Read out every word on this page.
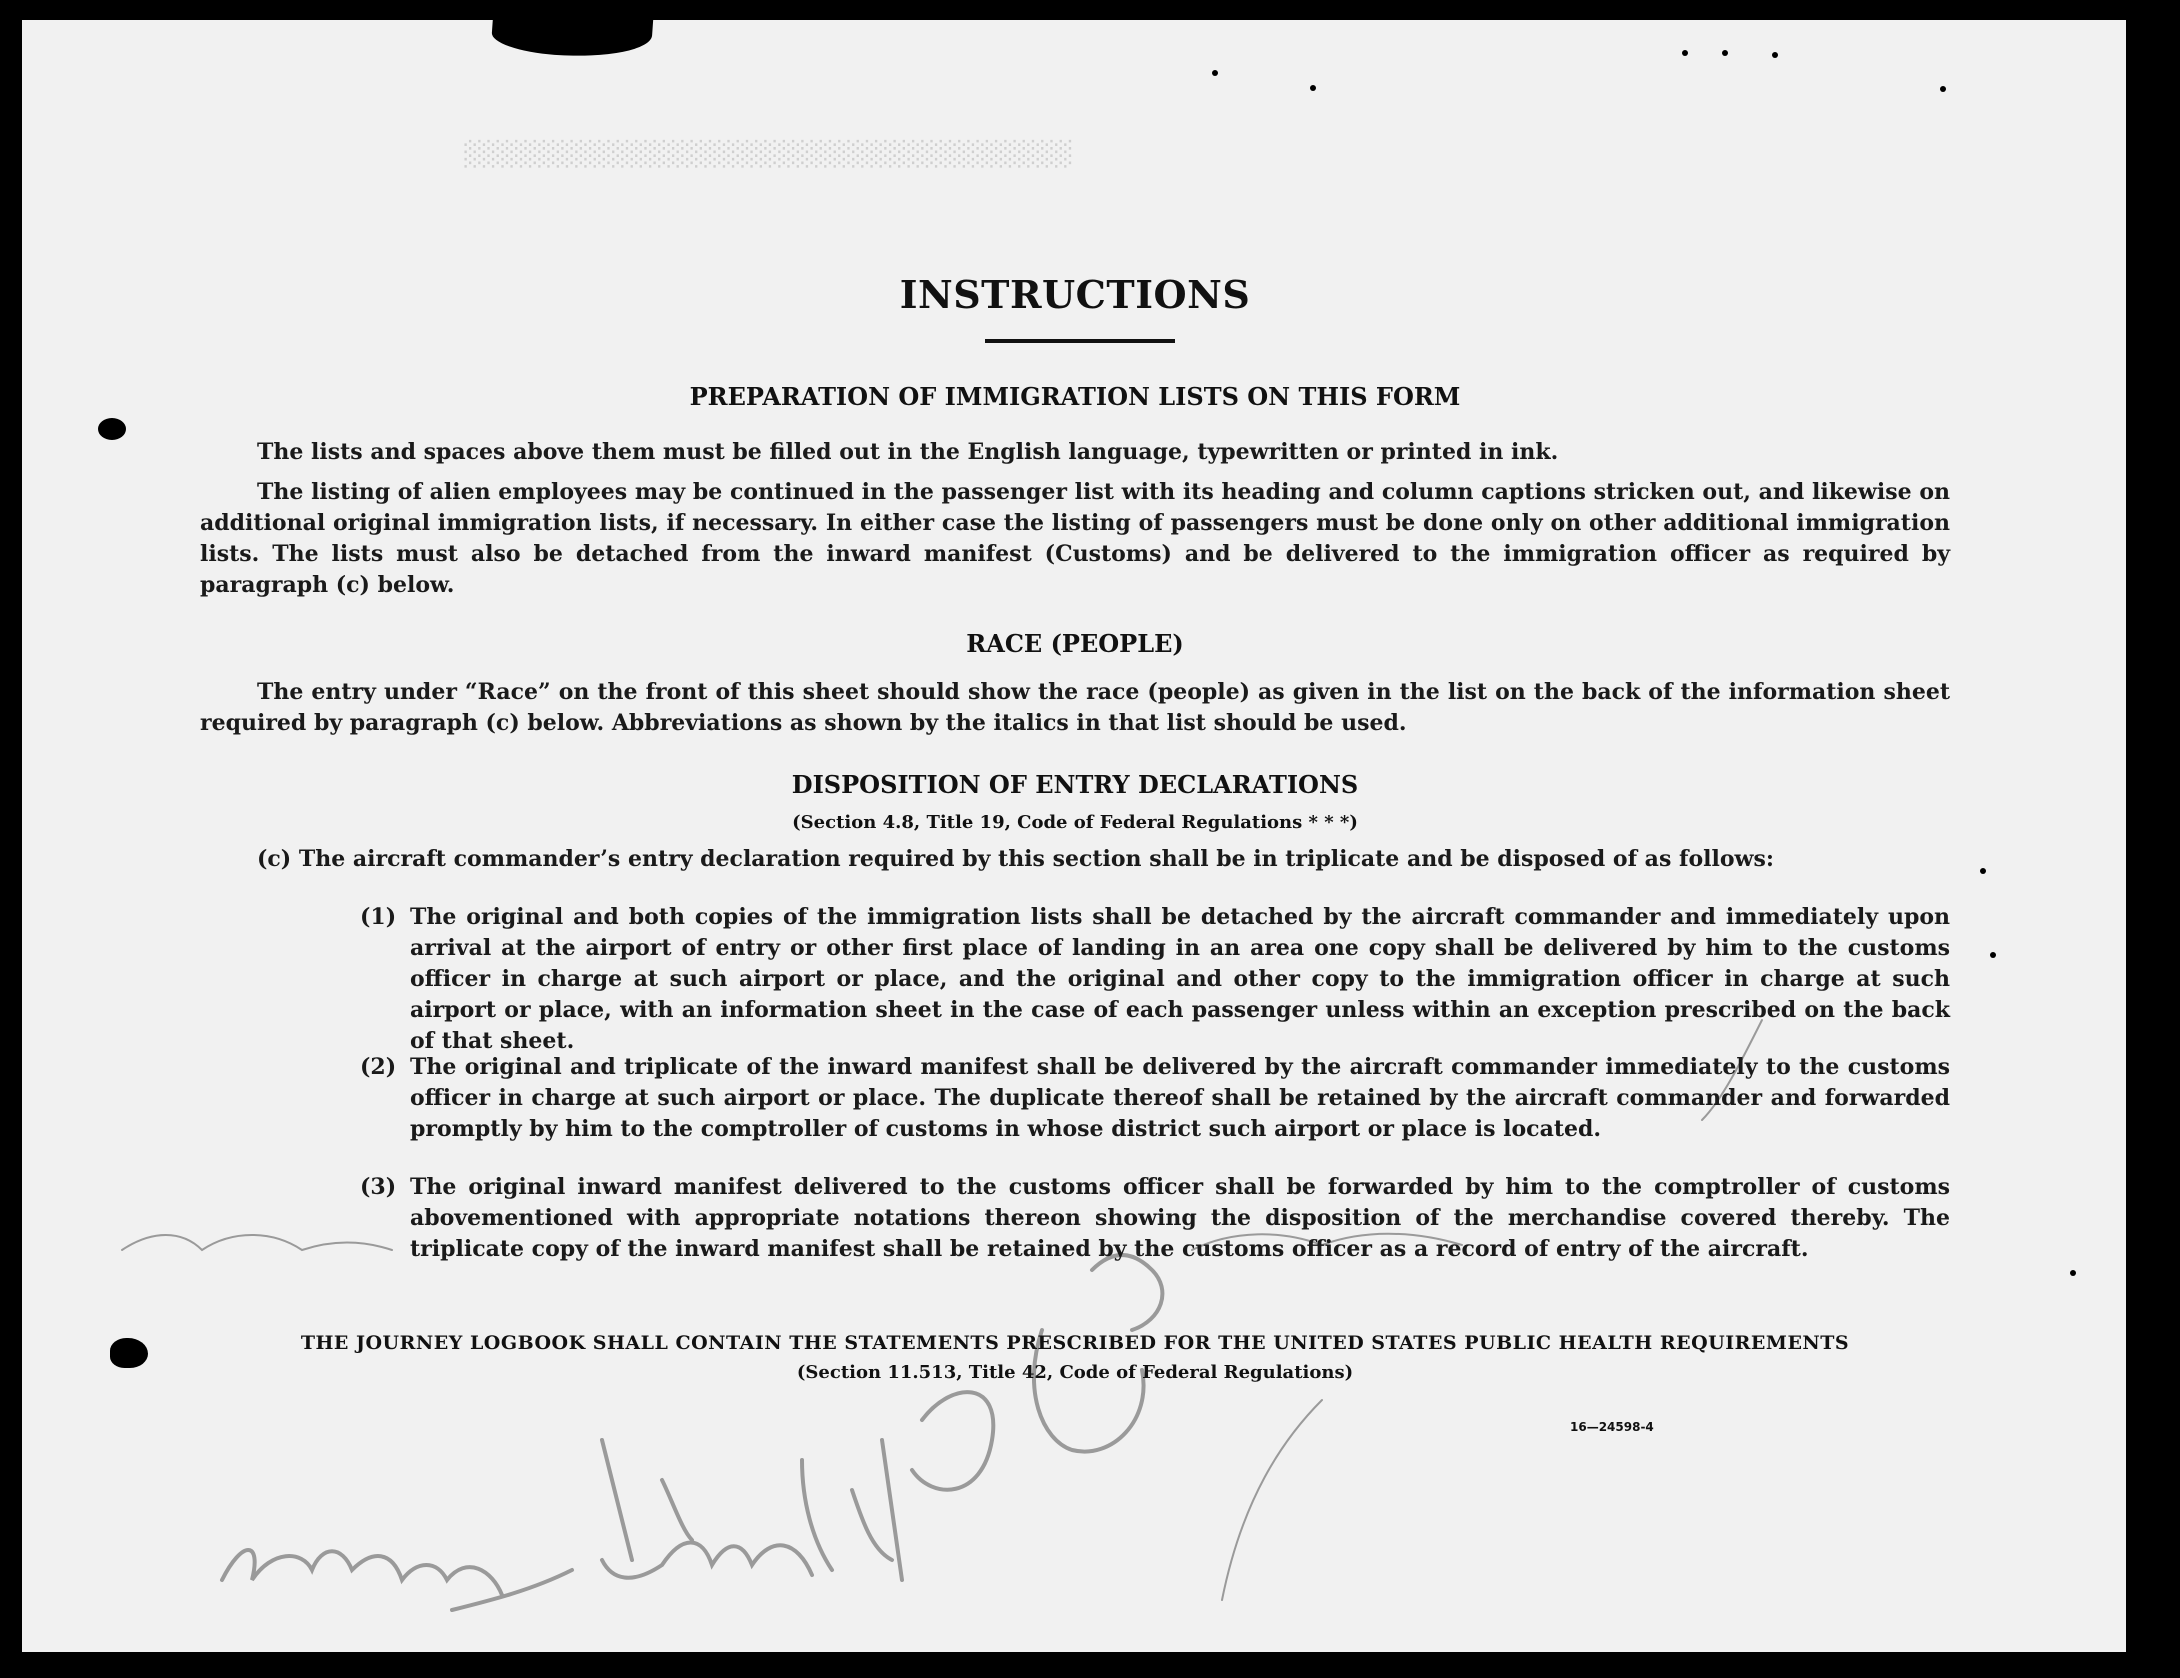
░░░░░░░░░░░░░░░░░░░░░░░░░░░░░░░░░
INSTRUCTIONS
PREPARATION OF IMMIGRATION LISTS ON THIS FORM
The lists and spaces above them must be filled out in the English language, typewritten or printed in ink.
The listing of alien employees may be continued in the passenger list with its heading and column captions stricken out, and likewise on additional original immigration lists, if necessary. In either case the listing of passengers must be done only on other additional immigration lists. The lists must also be detached from the inward manifest (Customs) and be delivered to the immigration officer as required by paragraph (c) below.
RACE (PEOPLE)
The entry under “Race” on the front of this sheet should show the race (people) as given in the list on the back of the information sheet required by paragraph (c) below. Abbreviations as shown by the italics in that list should be used.
DISPOSITION OF ENTRY DECLARATIONS
(Section 4.8, Title 19, Code of Federal Regulations * * *)
(c) The aircraft commander’s entry declaration required by this section shall be in triplicate and be disposed of as follows:
(1) The original and both copies of the immigration lists shall be detached by the aircraft commander and immediately upon arrival at the airport of entry or other first place of landing in an area one copy shall be delivered by him to the customs officer in charge at such airport or place, and the original and other copy to the immigration officer in charge at such airport or place, with an information sheet in the case of each passenger unless within an exception prescribed on the back of that sheet.
(2) The original and triplicate of the inward manifest shall be delivered by the aircraft commander immediately to the customs officer in charge at such airport or place. The duplicate thereof shall be retained by the aircraft commander and forwarded promptly by him to the comptroller of customs in whose district such airport or place is located.
(3) The original inward manifest delivered to the customs officer shall be forwarded by him to the comptroller of customs abovementioned with appropriate notations thereon showing the disposition of the merchandise covered thereby. The triplicate copy of the inward manifest shall be retained by the customs officer as a record of entry of the aircraft.
THE JOURNEY LOGBOOK SHALL CONTAIN THE STATEMENTS PRESCRIBED FOR THE UNITED STATES PUBLIC HEALTH REQUIREMENTS
(Section 11.513, Title 42, Code of Federal Regulations)
16—24598-4
